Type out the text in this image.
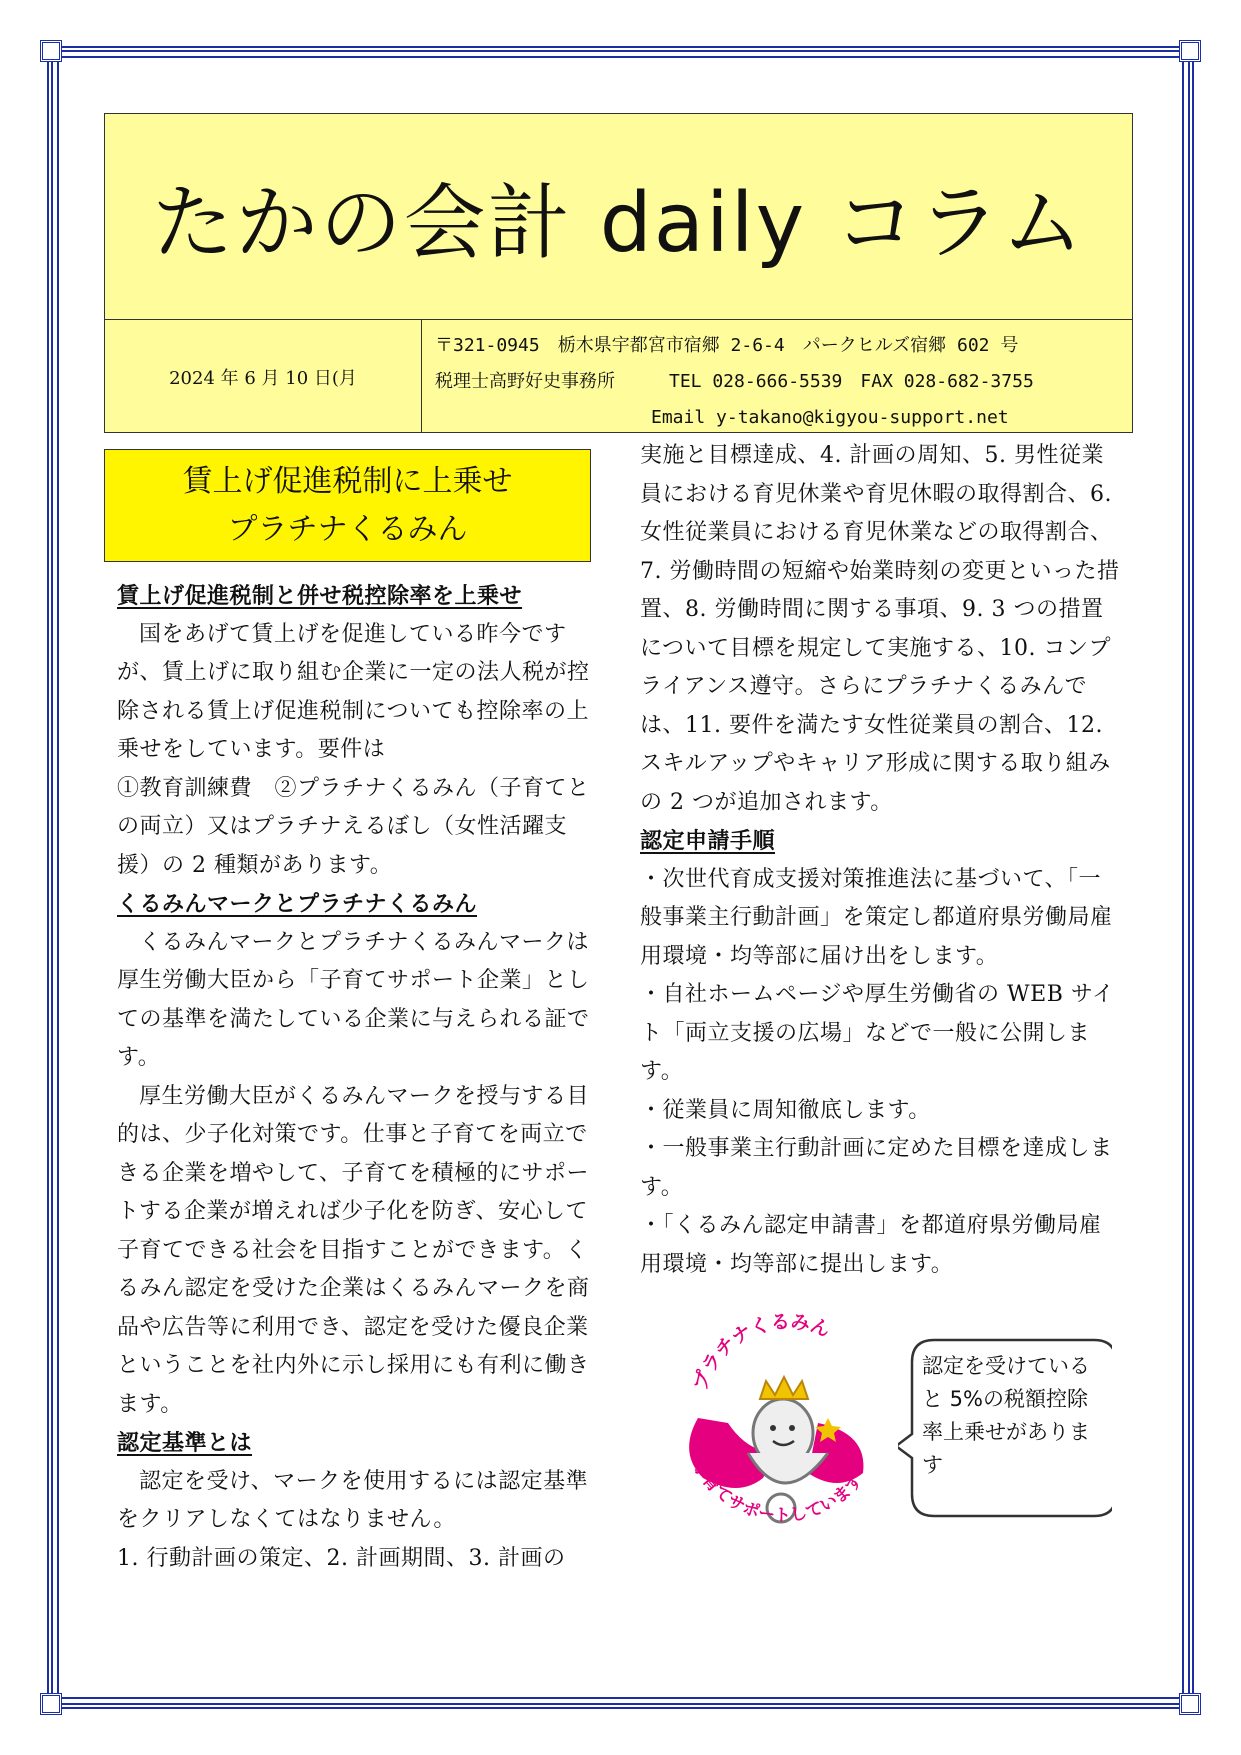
たかの会計 daily コラム
2024 年 6 月 10 日(月
〒321-0945　栃木県宇都宮市宿郷 2-6-4　パークヒルズ宿郷 602 号
税理士高野好史事務所　　　TEL 028-666-5539　FAX 028-682-3755
　　　　　　　　　　　　Email y-takano@kigyou-support.net
賃上げ促進税制に上乗せ
プラチナくるみん

賃上げ促進税制と併せ税控除率を上乗せ

国をあげて賃上げを促進している昨今ですが、賃上げに取り組む企業に一定の法人税が控除される賃上げ促進税制についても控除率の上乗せをしています。要件は

①教育訓練費　②プラチナくるみん（子育てとの両立）又はプラチナえるぼし（女性活躍支援）の 2 種類があります。

くるみんマークとプラチナくるみん

くるみんマークとプラチナくるみんマークは厚生労働大臣から「子育てサポート企業」としての基準を満たしている企業に与えられる証です。

厚生労働大臣がくるみんマークを授与する目的は、少子化対策です。仕事と子育てを両立できる企業を増やして、子育てを積極的にサポートする企業が増えれば少子化を防ぎ、安心して子育てできる社会を目指すことができます。くるみん認定を受けた企業はくるみんマークを商品や広告等に利用でき、認定を受けた優良企業ということを社内外に示し採用にも有利に働きます。

認定基準とは

認定を受け、マークを使用するには認定基準をクリアしなくてはなりません。

1. 行動計画の策定、2. 計画期間、3. 計画の

実施と目標達成、4. 計画の周知、5. 男性従業員における育児休業や育児休暇の取得割合、6. 女性従業員における育児休業などの取得割合、7. 労働時間の短縮や始業時刻の変更といった措置、8. 労働時間に関する事項、9. 3 つの措置について目標を規定して実施する、10. コンプライアンス遵守。さらにプラチナくるみんでは、11. 要件を満たす女性従業員の割合、12. スキルアップやキャリア形成に関する取り組みの 2 つが追加されます。

認定申請手順

・次世代育成支援対策推進法に基づいて、「一般事業主行動計画」を策定し都道府県労働局雇用環境・均等部に届け出をします。

・自社ホームページや厚生労働省の WEB サイト「両立支援の広場」などで一般に公開します。

・従業員に周知徹底します。

・一般事業主行動計画に定めた目標を達成します。

・「くるみん認定申請書」を都道府県労働局雇用環境・均等部に提出します。

プラチナくるみん
子育てサポートしています
認定を受けていると 5%の税額控除率上乗せがあります
